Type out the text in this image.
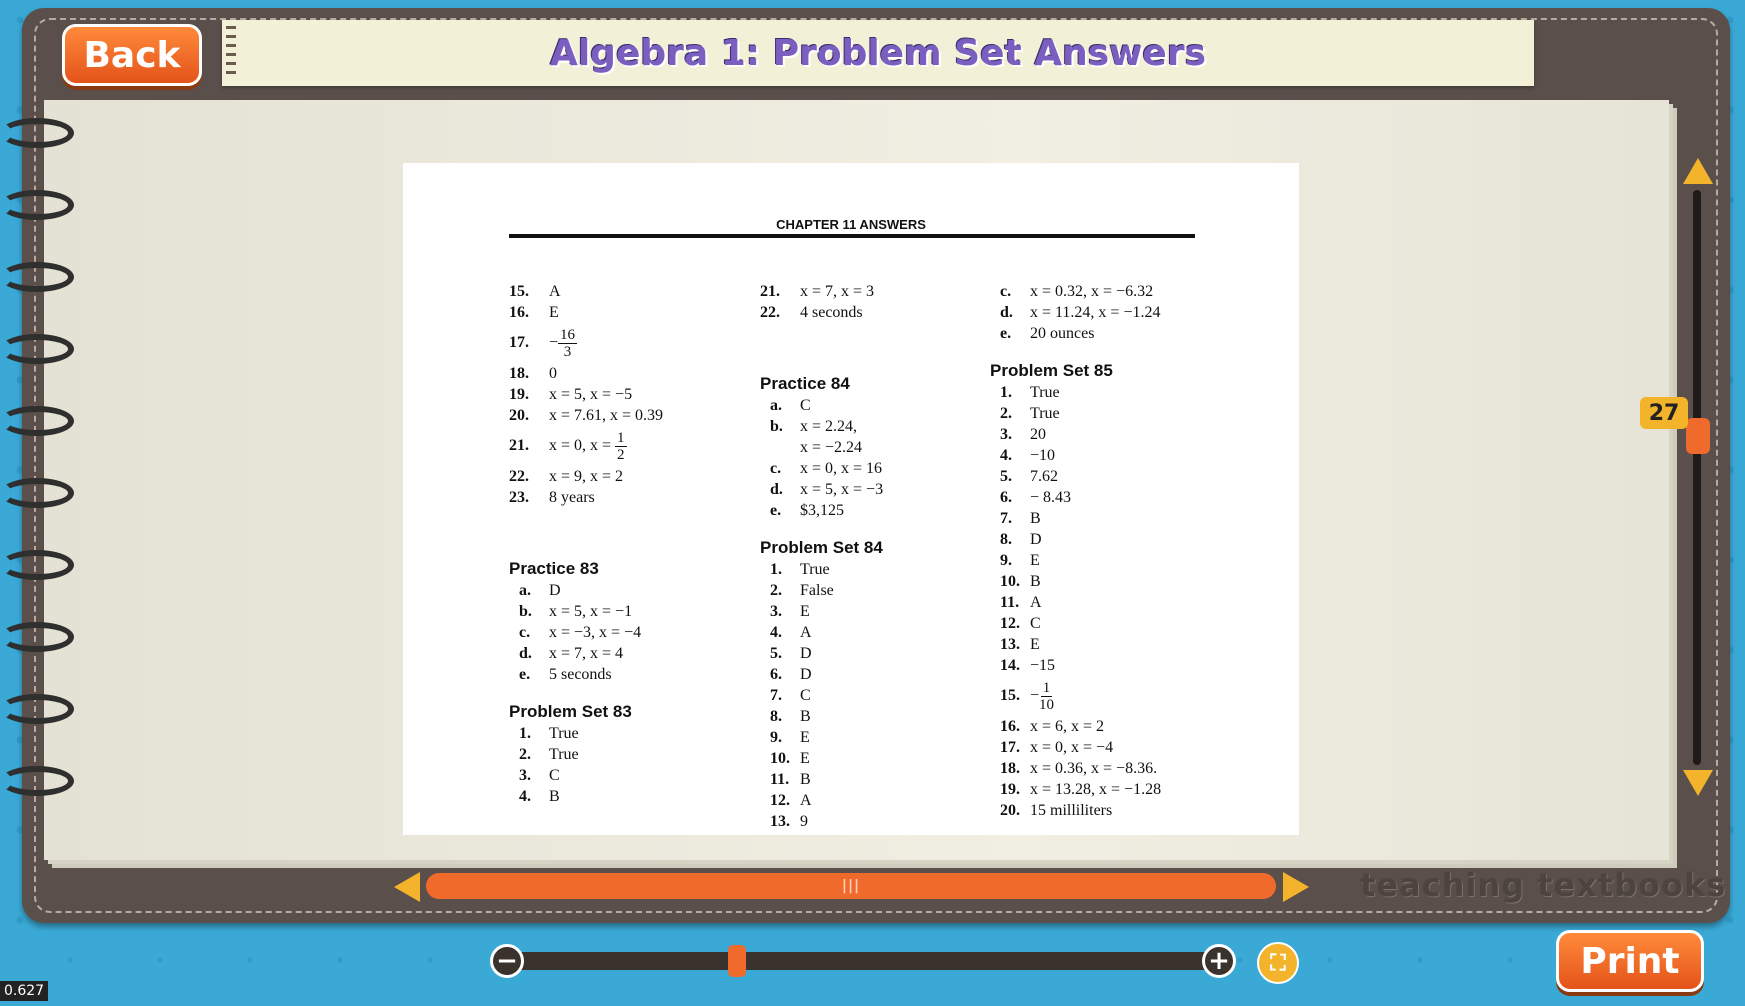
Back	Algebra 1: Problem Set Answers
CHAPTER 11 ANSWERS
15.	A
16.	E
17.	− $\frac{16}{3}$
18.	0
19.	x = 5, x = −5
20.	x = 7.61, x = 0.39
21.	x = 0, $x = \frac{1}{2}$
22.	x = 9, x = 2
23.	8 years
Practice 83
a.	D
b.	x = 5, x = −1
c.	x = −3, x = −4
d.	x = 7, x = 4
e.	5 seconds
Problem Set 83
1.	True
2.	True
3.	C
4.	B
21.	x = 7, x = 3
22.	4 seconds
Practice 84
a.	C
b.	x = 2.24,
x = −2.24
c.	x = 0, x = 16
d.	x = 5, x = −3
e.	$3,125
Problem Set 84
1.	True
2.	False
3.	E
4.	A
5.	D
6.	D
7.	C
8.	B
9.	E
10. E
11. B
12. A
13. 9
c.	x = 0.32, x = −6.32
d.	x = 11.24, x = −1.24
e.	20 ounces
Problem Set 85
1.	True
2.	True
3.	20
4.	−10
5.	7.62
6.	− 8.43
7.	B
8.	D
9.	E
10. B
11. A
12. C
13. E
14. −15
15. − $\frac{1}{10}$
16. x = 6, x = 2
17. x = 0, x = −4
18. x = 0.36, x = −8.36.
19. x = 13.28, x = −1.28
20. 15 milliliters
27
|||	teaching textbooks
−	+	⛶	Print
0.627
